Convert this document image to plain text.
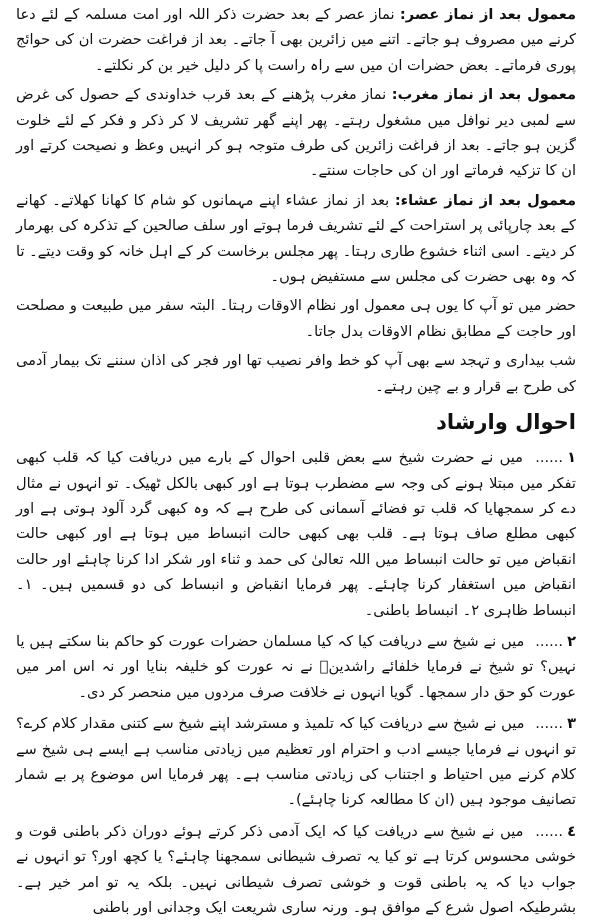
معمول بعد از نماز عصر: نماز عصر کے بعد حضرت ذکر اللہ اور امت مسلمہ کے لئے دعا کرنے میں مصروف ہو جاتے۔ اتنے میں زائرین بھی آ جاتے۔ بعد از فراغت حضرت ان کی حوائج پوری فرماتے۔ بعض حضرات ان میں سے راہ راست پا کر دلیل خیر بن کر نکلتے۔

معمول بعد از نماز مغرب: نماز مغرب پڑھنے کے بعد قرب خداوندی کے حصول کی غرض سے لمبی دیر نوافل میں مشغول رہتے۔ پھر اپنے گھر تشریف لا کر ذکر و فکر کے لئے خلوت گزین ہو جاتے۔ بعد از فراغت زائرین کی طرف متوجہ ہو کر انہیں وعظ و نصیحت کرتے اور ان کا تزکیہ فرماتے اور ان کی حاجات سنتے۔

معمول بعد از نماز عشاء: بعد از نماز عشاء اپنے مہمانوں کو شام کا کھانا کھلاتے۔ کھانے کے بعد چارپائی پر استراحت کے لئے تشریف فرما ہوتے اور سلف صالحین کے تذکرہ کی بھرمار کر دیتے۔ اسی اثناء خشوع طاری رہتا۔ پھر مجلس برخاست کر کے اہل خانہ کو وقت دیتے۔ تا کہ وہ بھی حضرت کی مجلس سے مستفیض ہوں۔

حضر میں تو آپ کا یوں ہی معمول اور نظام الاوقات رہتا۔ البتہ سفر میں طبیعت و مصلحت اور حاجت کے مطابق نظام الاوقات بدل جاتا۔

شب بیداری و تہجد سے بھی آپ کو خط وافر نصیب تھا اور فجر کی اذان سننے تک بیمار آدمی کی طرح بے قرار و بے چین رہتے۔

احوال وارشاد

١...... میں نے حضرت شیخ سے بعض قلبی احوال کے بارے میں دریافت کیا کہ قلب کبھی تفکر میں مبتلا ہونے کی وجہ سے مضطرب ہوتا ہے اور کبھی بالکل ٹھیک۔ تو انہوں نے مثال دے کر سمجھایا کہ قلب تو فضائے آسمانی کی طرح ہے کہ وہ کبھی گرد آلود ہوتی ہے اور کبھی مطلع صاف ہوتا ہے۔ قلب بھی کبھی حالت انبساط میں ہوتا ہے اور کبھی حالت انقباض میں تو حالت انبساط میں اللہ تعالیٰ کی حمد و ثناء اور شکر ادا کرنا چاہئے اور حالت انقباض میں استغفار کرنا چاہئے۔ پھر فرمایا انقباض و انبساط کی دو قسمیں ہیں۔ ١۔ انبساط ظاہری ٢۔ انبساط باطنی۔

٢...... میں نے شیخ سے دریافت کیا کہ کیا مسلمان حضرات عورت کو حاکم بنا سکتے ہیں یا نہیں؟ تو شیخ نے فرمایا خلفائے راشدینؓ نے نہ عورت کو خلیفہ بنایا اور نہ اس امر میں عورت کو حق دار سمجھا۔ گویا انہوں نے خلافت صرف مردوں میں منحصر کر دی۔

٣...... میں نے شیخ سے دریافت کیا کہ تلمیذ و مسترشد اپنے شیخ سے کتنی مقدار کلام کرے؟ تو انہوں نے فرمایا جیسے ادب و احترام اور تعظیم میں زیادتی مناسب ہے ایسے ہی شیخ سے کلام کرنے میں احتیاط و اجتناب کی زیادتی مناسب ہے۔ پھر فرمایا اس موضوع پر بے شمار تصانیف موجود ہیں (ان کا مطالعہ کرنا چاہئے)۔

٤...... میں نے شیخ سے دریافت کیا کہ ایک آدمی ذکر کرتے ہوئے دوران ذکر باطنی قوت و خوشی محسوس کرتا ہے تو کیا یہ تصرف شیطانی سمجھنا چاہئے؟ یا کچھ اور؟ تو انہوں نے جواب دیا کہ یہ باطنی قوت و خوشی تصرف شیطانی نہیں۔ بلکہ یہ تو امر خیر ہے۔ بشرطیکہ اصول شرع کے موافق ہو۔ ورنہ ساری شریعت ایک وجدانی اور باطنی
